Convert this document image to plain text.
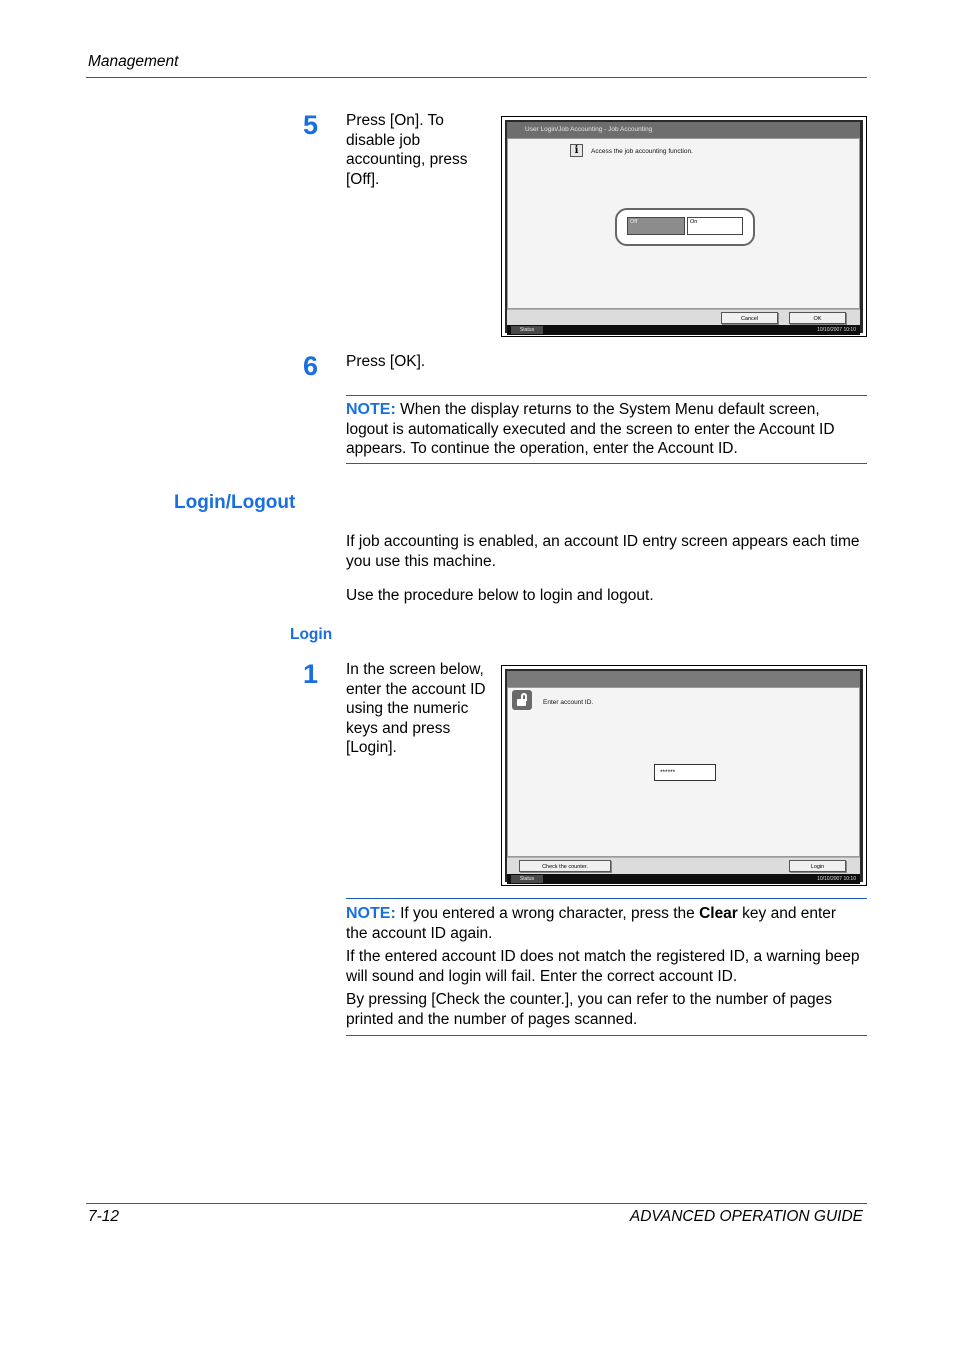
Management
5 Press [On]. To
disable job
accounting, press
[Off].
User Login/Job Accounting - Job Accounting
i	Access the job accounting function.
Off	On
Cancel	OK
Status	10/10/2007 10:10
6 Press [OK].
NOTE: When the display returns to the System Menu default screen,
logout is automatically executed and the screen to enter the Account ID
appears. To continue the operation, enter the Account ID.
Login/Logout
If job accounting is enabled, an account ID entry screen appears each time
you use this machine.
Use the procedure below to login and logout.
Login
1 In the screen below,
enter the account ID
using the numeric
keys and press
[Login].
Enter account ID.
******
Check the counter.	Login
Status	10/10/2007 10:10
NOTE: If you entered a wrong character, press the Clear key and enter
the account ID again.
If the entered account ID does not match the registered ID, a warning beep
will sound and login will fail. Enter the correct account ID.
By pressing [Check the counter.], you can refer to the number of pages
printed and the number of pages scanned.
7-12	ADVANCED OPERATION GUIDE
